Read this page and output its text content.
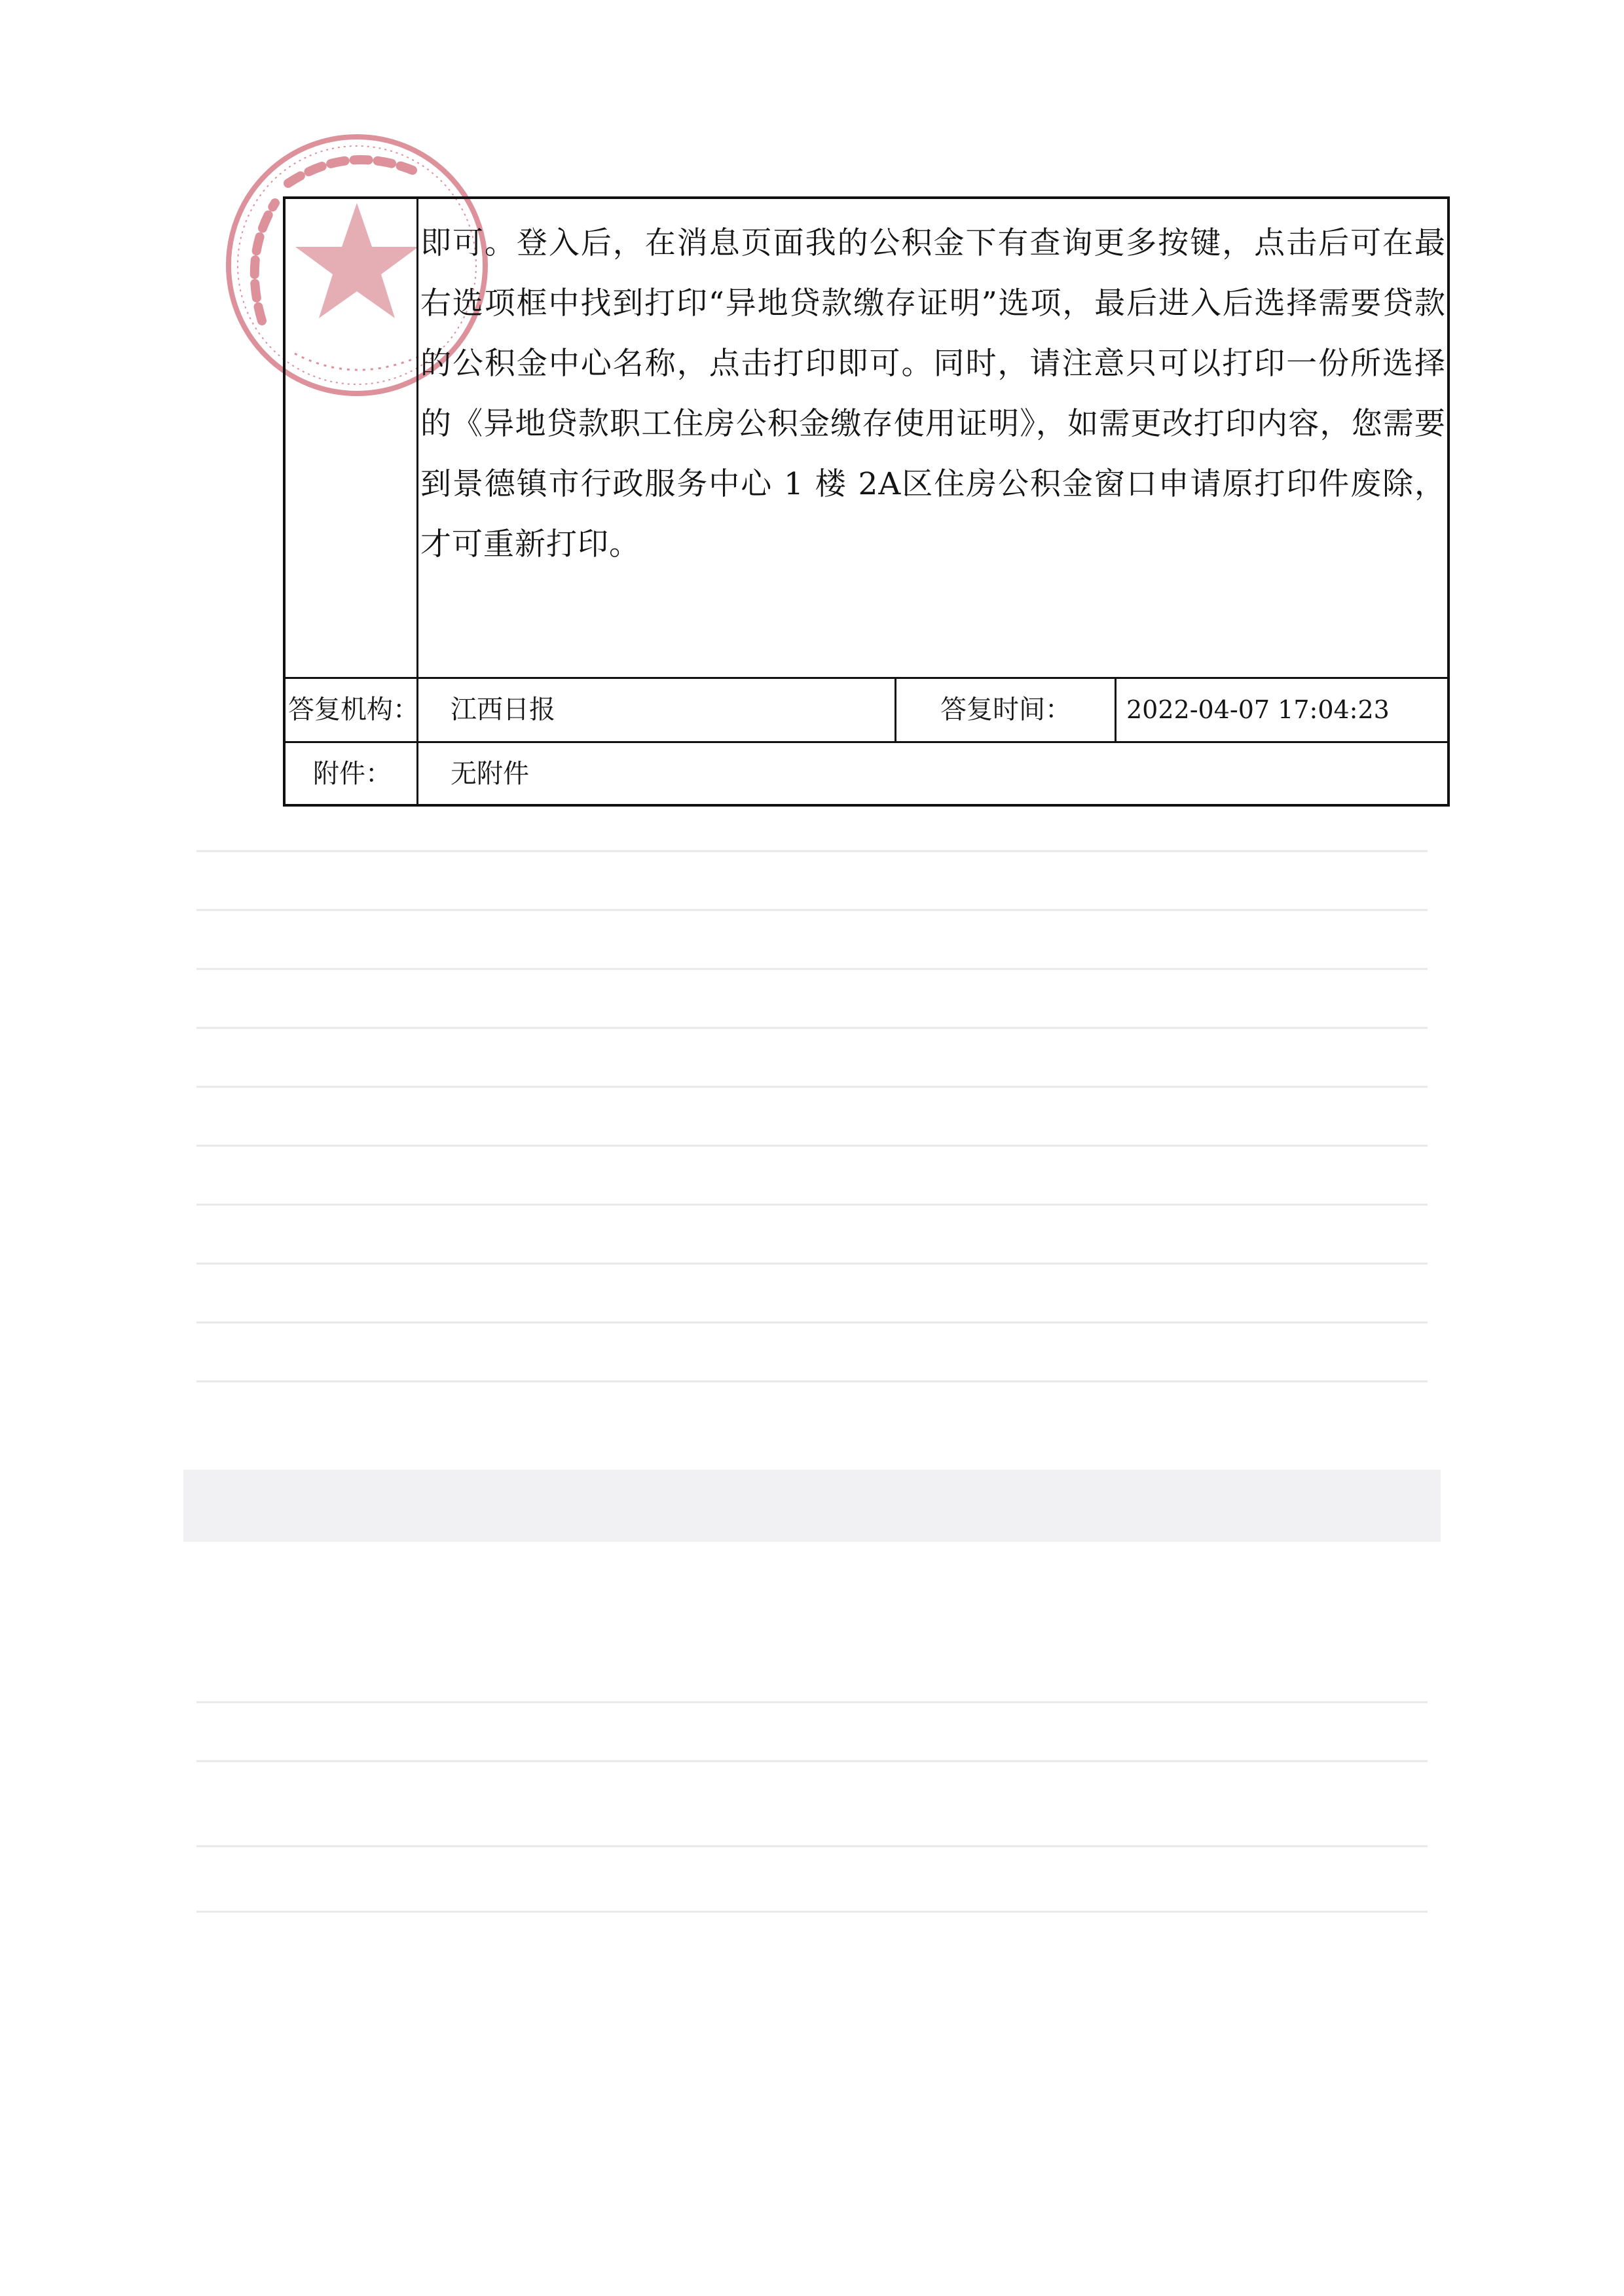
即可。登入后，在消息页面我的公积金下有查询更多按键，点击后可在最右选项框中找到打印“异地贷款缴存证明”选项，最后进入后选择需要贷款的公积金中心名称，点击打印即可。同时，请注意只可以打印一份所选择的《异地贷款职工住房公积金缴存使用证明》，如需更改打印内容，您需要到景德镇市行政服务中心 1 楼 2A区住房公积金窗口申请原打印件废除，才可重新打印。
答复机构： 江西日报	答复时间： 2022-04-07 17:04:23
附件： 无附件
